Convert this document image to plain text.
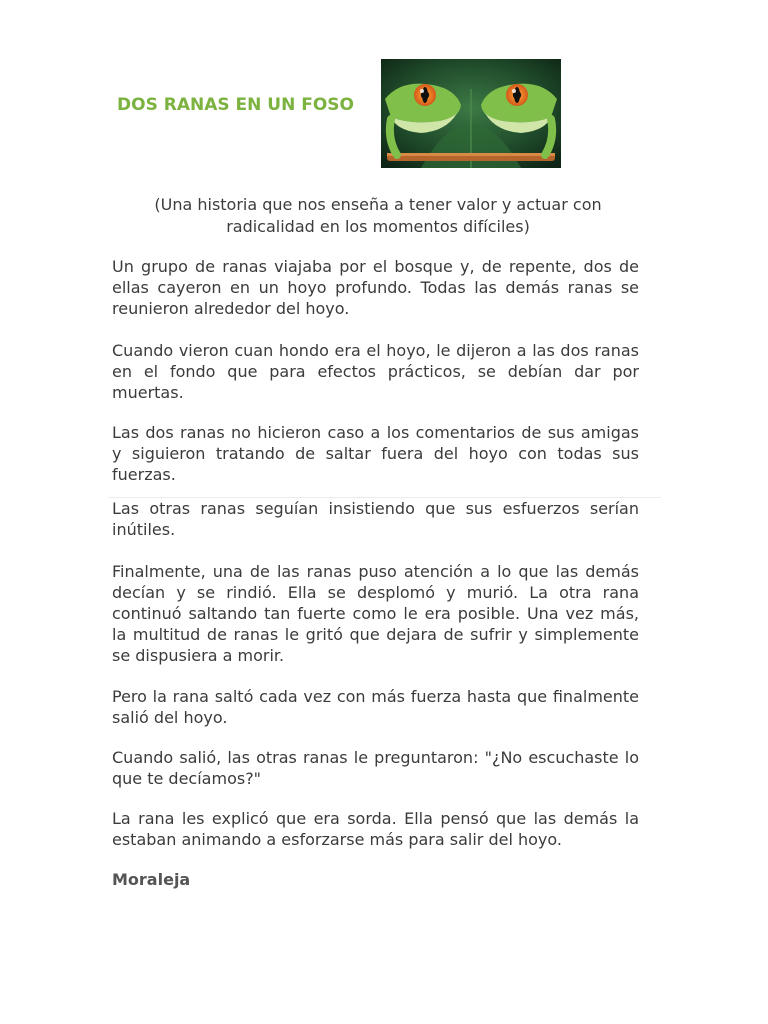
DOS RANAS EN UN FOSO

(Una historia que nos enseña a tener valor y actuar con radicalidad en los momentos difíciles)

Un grupo de ranas viajaba por el bosque y, de repente, dos de ellas cayeron en un hoyo profundo. Todas las demás ranas se reunieron alrededor del hoyo.

Cuando vieron cuan hondo era el hoyo, le dijeron a las dos ranas en el fondo que para efectos prácticos, se debían dar por muertas.

Las dos ranas no hicieron caso a los comentarios de sus amigas y siguieron tratando de saltar fuera del hoyo con todas sus fuerzas.

Las otras ranas seguían insistiendo que sus esfuerzos serían inútiles.

Finalmente, una de las ranas puso atención a lo que las demás decían y se rindió. Ella se desplomó y murió. La otra rana continuó saltando tan fuerte como le era posible. Una vez más, la multitud de ranas le gritó que dejara de sufrir y simplemente se dispusiera a morir.

Pero la rana saltó cada vez con más fuerza hasta que finalmente salió del hoyo.

Cuando salió, las otras ranas le preguntaron: "¿No escuchaste lo que te decíamos?"

La rana les explicó que era sorda. Ella pensó que las demás la estaban animando a esforzarse más para salir del hoyo.

Moraleja
